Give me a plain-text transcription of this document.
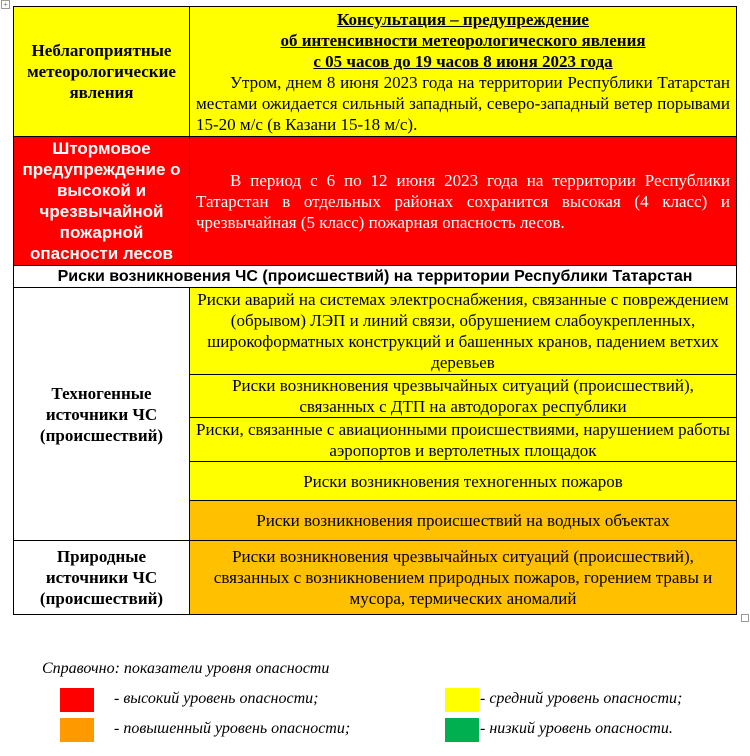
+
Неблагоприятные метеорологические явления	Консультация – предупреждение
об интенсивности метеорологического явления
с 05 часов до 19 часов 8 июня 2023 года
Утром, днем 8 июня 2023 года на территории Республики Татарстан местами ожидается сильный западный, северо-западный ветер порывами 15-20 м/с (в Казани 15-18 м/с).

Штормовое предупреждение о высокой и чрезвычайной пожарной опасности лесов	В период с 6 по 12 июня 2023 года на территории Республики Татарстан в отдельных районах сохранится высокая (4 класс) и чрезвычайная (5 класс) пожарная опасность лесов.
Риски возникновения ЧС (происшествий) на территории Республики Татарстан	
Техногенные источники ЧС (происшествий)	Риски аварий на системах электроснабжения, связанные с повреждением (обрывом) ЛЭП и линий связи, обрушением слабоукрепленных, широкоформатных конструкций и башенных кранов, падением ветхих деревьев
	Риски возникновения чрезвычайных ситуаций (происшествий), связанных с ДТП на автодорогах республики
	Риски, связанные с авиационными происшествиями, нарушением работы аэропортов и вертолетных площадок
	Риски возникновения техногенных пожаров
	Риски возникновения происшествий на водных объектах
Природные источники ЧС (происшествий)	Риски возникновения чрезвычайных ситуаций (происшествий), связанных с возникновением природных пожаров, горением травы и мусора, термических аномалий
Справочно: показатели уровня опасности
- высокий уровень опасности;
- повышенный уровень опасности;
- средний уровень опасности;
- низкий уровень опасности.
